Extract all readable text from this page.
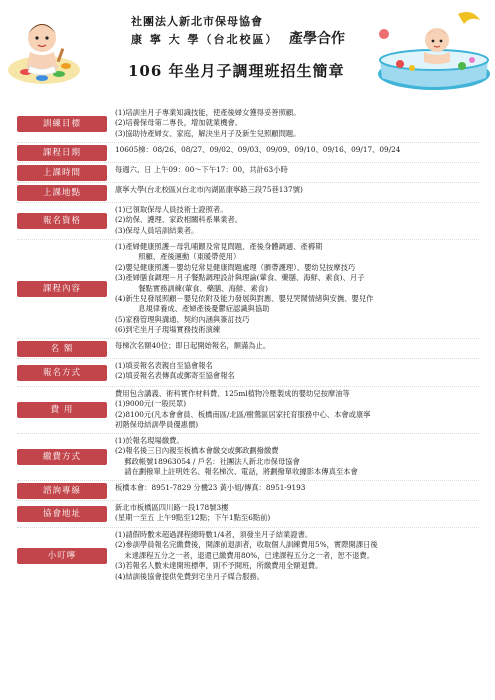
社團法人新北市保母協會
康 寧 大 學（台北校區） 產學合作
106 年坐月子調理班招生簡章
訓練目標
(1)培訓坐月子專業知識技能，使產後婦女獲得妥善照顧。
(2)培養保母第二專長，增加就業機會。
(3)協助待產婦女、家庭，解決坐月子及新生兒照顧問題。
課程日期	10605梯：08/26、08/27、09/02、09/03、09/09、09/10、09/16、09/17、09/24
上課時間	每週六、日 上午09：00～下午17：00，共計63小時
上課地點	康寧大學(台北校區)(台北市內湖區康寧路三段75巷137號)
報名資格
(1)已領取保母人員技術士證照者。
(2)幼保、護理、家政相關科系畢業者。
(3)保母人員培訓結業者。
課程內容
(1)產婦健康照護－母乳哺餵及常見問題、產後身體調適、產褥期
照顧、產後運動（東暖帶使用）
(2)嬰兒健康照護－嬰幼兒常見健康問題處理（臍帶護理）、嬰幼兒按摩技巧
(3)產婦膳食調理－月子餐點調理設計與理論(葷食、藥膳、海鮮、素食)、月子
餐點實務訓練(葷食、藥膳、海鮮、素食)
(4)新生兒發展照顧－嬰兒依附及能力發展與對應、嬰兒哭鬧情緒與安撫、嬰兒作
息規律養成、產婦產後憂鬱症認識與協助
(5)家務管理與溝通、契約內涵與簽訂技巧
(6)到宅坐月子現場實務技術演練
名 額	每梯次名額40位；即日起開始報名，額滿為止。
報名方式
(1)填妥報名表親自至協會報名
(2)填妥報名表傳真或郵寄至協會報名
費 用
費用包含講義、術科實作材料費、125ml植物冷壓製成的嬰幼兒按摩油等
(1)9000元(一般民眾)
(2)8100元(凡本會會員、板橋南區/北區/樹鶯區居家托育服務中心、本會或康寧
初階保母結訓學員優惠價)
繳費方式
(1)於報名現場繳費。
(2)報名後三日內親至板橋本會繳交或郵政劃撥繳費
郵政帳號18963054 / 戶名：社團法人新北市保母協會
請在劃撥單上註明姓名、報名梯次、電話，將劃撥單收據影本傳真至本會
諮詢專線	板橋本會：8951-7829 分機23 黃小姐/傳真：8951-9193
協會地址
新北市板橋區四川路一段178號3樓
(星期一至五 上午9點至12點；下午1點至6點前)
小叮嚀
(1)請假時數未超過課程總時數1/4者，須發坐月子結業證書。
(2)參訓學員報名完繳費後，開課前退訓者，收取個人訓練費用5%，實際開課日後
未達課程五分之一者，退還已繳費用80%，已達課程五分之一者，恕不退費。
(3)若報名人數未達開班標準，則不予開班，所繳費用全額退費。
(4)結訓後協會提供免費到宅坐月子媒合服務。
